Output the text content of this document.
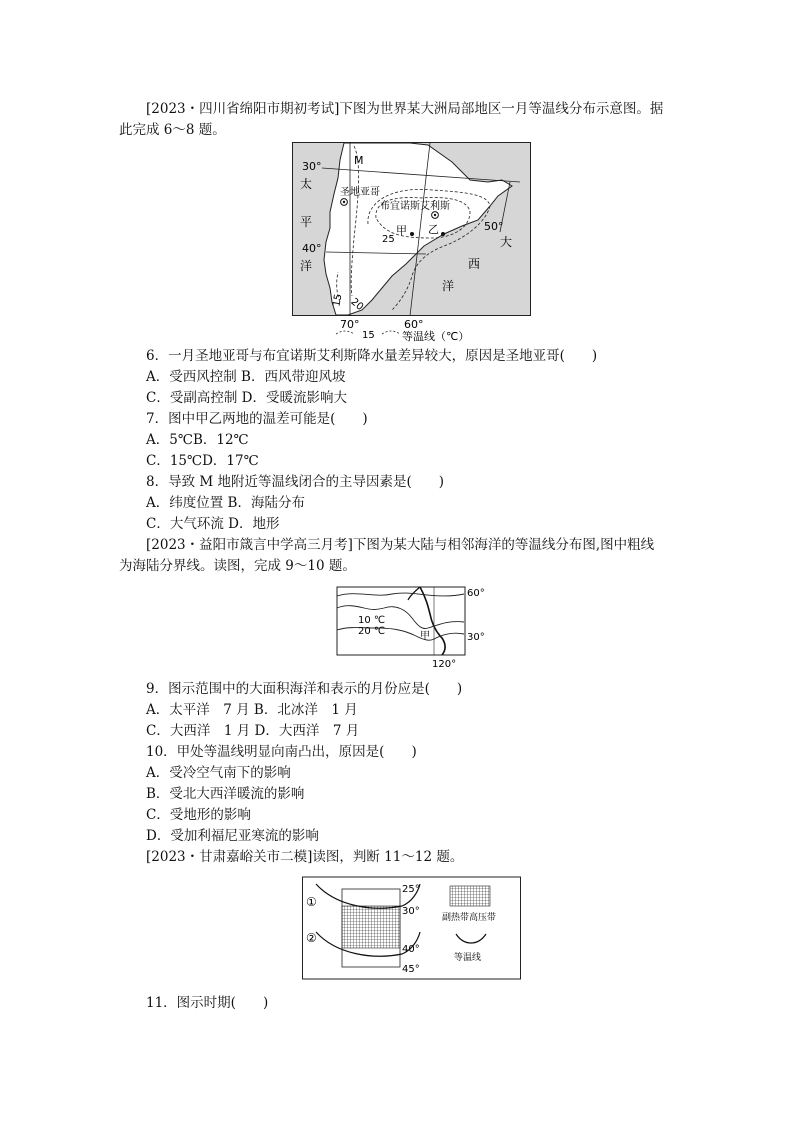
[2023・四川省绵阳市期初考试]下图为世界某大洲局部地区一月等温线分布示意图。据
此完成 6～8 题。
30°
40°
50°
M
圣地亚哥
布宜诺斯艾利斯
甲 乙
25
20
15
太
平
洋
大
西
洋
70°	60°
15 等温线（℃）
6．一月圣地亚哥与布宜诺斯艾利斯降水量差异较大，原因是圣地亚哥(　　)
A．受西风控制 B．西风带迎风坡
C．受副高控制 D．受暖流影响大
7．图中甲乙两地的温差可能是(　　)
A．5℃B．12℃
C．15℃D．17℃
8．导致 M 地附近等温线闭合的主导因素是(　　)
A．纬度位置 B．海陆分布
C．大气环流 D．地形
[2023・益阳市箴言中学高三月考]下图为某大陆与相邻海洋的等温线分布图,图中粗线
为海陆分界线。读图，完成 9～10 题。
10 ℃
20 ℃	甲
60°
30°
120°
9．图示范围中的大面积海洋和表示的月份应是(　　)
A．太平洋　7 月 B．北冰洋　1 月
C．大西洋　1 月 D．大西洋　7 月
10．甲处等温线明显向南凸出，原因是(　　)
A．受冷空气南下的影响
B．受北大西洋暖流的影响
C．受地形的影响
D．受加利福尼亚寒流的影响
[2023・甘肃嘉峪关市二模]读图，判断 11～12 题。
①
②
25°
30°
40°
45°
副热带高压带
等温线
11．图示时期(　　)
